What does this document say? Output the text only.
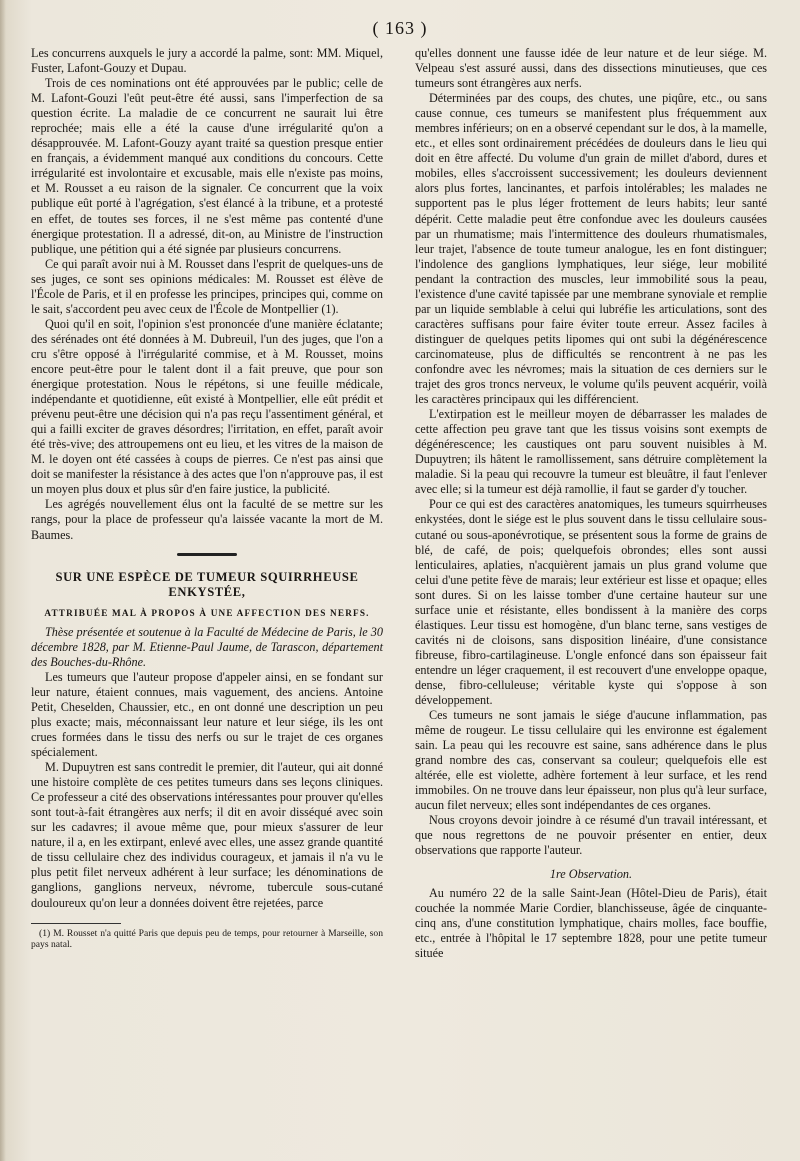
( 163 )

Les concurrens auxquels le jury a accordé la palme, sont: MM. Miquel, Fuster, Lafont-Gouzy et Dupau.

Trois de ces nominations ont été approuvées par le public; celle de M. Lafont-Gouzi l'eût peut-être été aussi, sans l'imperfection de sa question écrite. La maladie de ce concurrent ne saurait lui être reprochée; mais elle a été la cause d'une irrégularité qu'on a désapprouvée. M. Lafont-Gouzy ayant traité sa question presque entier en français, a évidemment manqué aux conditions du concours. Cette irrégularité est involontaire et excusable, mais elle n'existe pas moins, et M. Rousset a eu raison de la signaler. Ce concurrent que la voix publique eût porté à l'agrégation, s'est élancé à la tribune, et a protesté en effet, de toutes ses forces, il ne s'est même pas contenté d'une énergique protestation. Il a adressé, dit-on, au Ministre de l'instruction publique, une pétition qui a été signée par plusieurs concurrens.

Ce qui paraît avoir nui à M. Rousset dans l'esprit de quelques-uns de ses juges, ce sont ses opinions médicales: M. Rousset est élève de l'École de Paris, et il en professe les principes, principes qui, comme on le sait, s'accordent peu avec ceux de l'École de Montpellier (1).

Quoi qu'il en soit, l'opinion s'est prononcée d'une manière éclatante; des sérénades ont été données à M. Dubreuil, l'un des juges, que l'on a cru s'être opposé à l'irrégularité commise, et à M. Rousset, moins encore peut-être pour le talent dont il a fait preuve, que pour son énergique protestation. Nous le répétons, si une feuille médicale, indépendante et quotidienne, eût existé à Montpellier, elle eût prédit et prévenu peut-être une décision qui n'a pas reçu l'assentiment général, et qui a failli exciter de graves désordres; l'irritation, en effet, paraît avoir été très-vive; des attroupemens ont eu lieu, et les vitres de la maison de M. le doyen ont été cassées à coups de pierres. Ce n'est pas ainsi que doit se manifester la résistance à des actes que l'on n'approuve pas, il est un moyen plus doux et plus sûr d'en faire justice, la publicité.

Les agrégés nouvellement élus ont la faculté de se mettre sur les rangs, pour la place de professeur qu'a laissée vacante la mort de M. Baumes.

SUR UNE ESPÈCE DE TUMEUR SQUIRRHEUSE ENKYSTÉE,
ATTRIBUÉE MAL À PROPOS À UNE AFFECTION DES NERFS.

Thèse présentée et soutenue à la Faculté de Médecine de Paris, le 30 décembre 1828, par M. Etienne-Paul Jaume, de Tarascon, département des Bouches-du-Rhône.

Les tumeurs que l'auteur propose d'appeler ainsi, en se fondant sur leur nature, étaient connues, mais vaguement, des anciens. Antoine Petit, Cheselden, Chaussier, etc., en ont donné une description un peu plus exacte; mais, méconnaissant leur nature et leur siége, ils les ont crues formées dans le tissu des nerfs ou sur le trajet de ces organes spécialement.

M. Dupuytren est sans contredit le premier, dit l'auteur, qui ait donné une histoire complète de ces petites tumeurs dans ses leçons cliniques. Ce professeur a cité des observations intéressantes pour prouver qu'elles sont tout-à-fait étrangères aux nerfs; il dit en avoir disséqué avec soin sur les cadavres; il avoue même que, pour mieux s'assurer de leur nature, il a, en les extirpant, enlevé avec elles, une assez grande quantité de tissu cellulaire chez des individus courageux, et jamais il n'a vu le plus petit filet nerveux adhérent à leur surface; les dénominations de ganglions, ganglions nerveux, névrome, tubercule sous-cutané douloureux qu'on leur a données doivent être rejetées, parce

(1) M. Rousset n'a quitté Paris que depuis peu de temps, pour retourner à Marseille, son pays natal.

qu'elles donnent une fausse idée de leur nature et de leur siége. M. Velpeau s'est assuré aussi, dans des dissections minutieuses, que ces tumeurs sont étrangères aux nerfs.

Déterminées par des coups, des chutes, une piqûre, etc., ou sans cause connue, ces tumeurs se manifestent plus fréquemment aux membres inférieurs; on en a observé cependant sur le dos, à la mamelle, etc., et elles sont ordinairement précédées de douleurs dans le lieu qui doit en être affecté. Du volume d'un grain de millet d'abord, dures et mobiles, elles s'accroissent successivement; les douleurs deviennent alors plus fortes, lancinantes, et parfois intolérables; les malades ne supportent pas le plus léger frottement de leurs habits; leur santé dépérit. Cette maladie peut être confondue avec les douleurs causées par un rhumatisme; mais l'intermittence des douleurs rhumatismales, leur trajet, l'absence de toute tumeur analogue, les en font distinguer; l'indolence des ganglions lymphatiques, leur siége, leur mobilité pendant la contraction des muscles, leur immobilité sous la peau, l'existence d'une cavité tapissée par une membrane synoviale et remplie par un liquide semblable à celui qui lubréfie les articulations, sont des caractères suffisans pour faire éviter toute erreur. Assez faciles à distinguer de quelques petits lipomes qui ont subi la dégénérescence carcinomateuse, plus de difficultés se rencontrent à ne pas les confondre avec les névromes; mais la situation de ces derniers sur le trajet des gros troncs nerveux, le volume qu'ils peuvent acquérir, voilà les caractères principaux qui les différencient.

L'extirpation est le meilleur moyen de débarrasser les malades de cette affection peu grave tant que les tissus voisins sont exempts de dégénérescence; les caustiques ont paru souvent nuisibles à M. Dupuytren; ils hâtent le ramollissement, sans détruire complètement la maladie. Si la peau qui recouvre la tumeur est bleuâtre, il faut l'enlever avec elle; si la tumeur est déjà ramollie, il faut se garder d'y toucher.

Pour ce qui est des caractères anatomiques, les tumeurs squirrheuses enkystées, dont le siége est le plus souvent dans le tissu cellulaire sous-cutané ou sous-aponévrotique, se présentent sous la forme de grains de blé, de café, de pois; quelquefois obrondes; elles sont aussi lenticulaires, aplaties, n'acquièrent jamais un plus grand volume que celui d'une petite fève de marais; leur extérieur est lisse et opaque; elles sont dures. Si on les laisse tomber d'une certaine hauteur sur une surface unie et résistante, elles bondissent à la manière des corps élastiques. Leur tissu est homogène, d'un blanc terne, sans vestiges de cavités ni de cloisons, sans disposition linéaire, d'une consistance fibreuse, fibro-cartilagineuse. L'ongle enfoncé dans son épaisseur fait entendre un léger craquement, il est recouvert d'une enveloppe opaque, dense, fibro-celluleuse; véritable kyste qui s'oppose à son développement.

Ces tumeurs ne sont jamais le siége d'aucune inflammation, pas même de rougeur. Le tissu cellulaire qui les environne est également sain. La peau qui les recouvre est saine, sans adhérence dans le plus grand nombre des cas, conservant sa couleur; quelquefois elle est altérée, elle est violette, adhère fortement à leur surface, et les rend immobiles. On ne trouve dans leur épaisseur, non plus qu'à leur surface, aucun filet nerveux; elles sont indépendantes de ces organes.

Nous croyons devoir joindre à ce résumé d'un travail intéressant, et que nous regrettons de ne pouvoir présenter en entier, deux observations que rapporte l'auteur.

1re Observation.

Au numéro 22 de la salle Saint-Jean (Hôtel-Dieu de Paris), était couchée la nommée Marie Cordier, blanchisseuse, âgée de cinquante-cinq ans, d'une constitution lymphatique, chairs molles, face bouffie, etc., entrée à l'hôpital le 17 septembre 1828, pour une petite tumeur située
